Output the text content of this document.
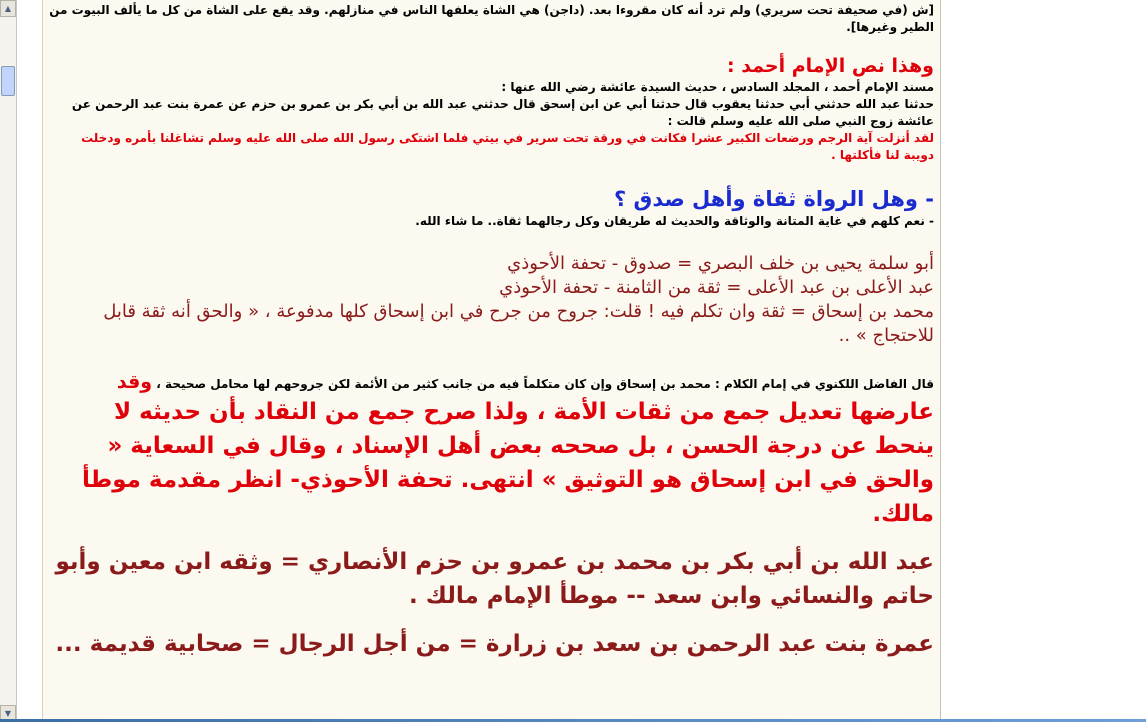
▲
▼

[ش (في صحيفة تحت سريري) ولم ترد أنه كان مقروءا بعد. (داجن) هي الشاة يعلفها الناس في منازلهم. وقد يقع على الشاة من كل ما يألف البيوت من الطير وغيرها].

وهذا نص الإمام أحمد :

مسند الإمام أحمد ، المجلد السادس ، حديث السيدة عائشة رضي الله عنها :

حدثنا عبد الله حدثني أبي حدثنا يعقوب قال حدثنا أبي عن ابن إسحق قال حدثني عبد الله بن أبي بكر بن عمرو بن حزم عن عمرة بنت عبد الرحمن عن عائشة زوج النبي صلى الله عليه وسلم قالت :

لقد أنزلت آية الرجم ورضعات الكبير عشرا فكانت في ورقة تحت سرير في بيتي فلما اشتكى رسول الله صلى الله عليه وسلم تشاغلنا بأمره ودخلت دويبة لنا فأكلتها .

- وهل الرواة ثقاة وأهل صدق ؟

- نعم كلهم في غاية المتانة والوثاقة والحديث له طريقان وكل رجالهما ثقاة.. ما شاء الله.

أبو سلمة يحيى بن خلف البصري = صدوق - تحفة الأحوذي

عبد الأعلى بن عبد الأعلى = ثقة من الثامنة - تحفة الأحوذي

محمد بن إسحاق = ثقة وان تكلم فيه ! قلت: جروح من جرح في ابن إسحاق كلها مدفوعة ، « والحق أنه ثقة قابل للاحتجاج » ..

قال الفاضل اللكنوي في إمام الكلام : محمد بن إسحاق وإن كان متكلماً فيه من جانب كثير من الأئمة لكن جروحهم لها محامل صحيحة ، وقد

عارضها تعديل جمع من ثقات الأمة ، ولذا صرح جمع من النقاد بأن حديثه لا ينحط عن درجة الحسن ، بل صححه بعض أهل الإسناد ، وقال في السعاية « والحق في ابن إسحاق هو التوثيق » انتهى. تحفة الأحوذي- انظر مقدمة موطأ مالك.

عبد الله بن أبي بكر بن محمد بن عمرو بن حزم الأنصاري = وثقه ابن معين وأبو حاتم والنسائي وابن سعد -- موطأ الإمام مالك .

عمرة بنت عبد الرحمن بن سعد بن زرارة = من أجل الرجال = صحابية قديمة ...
